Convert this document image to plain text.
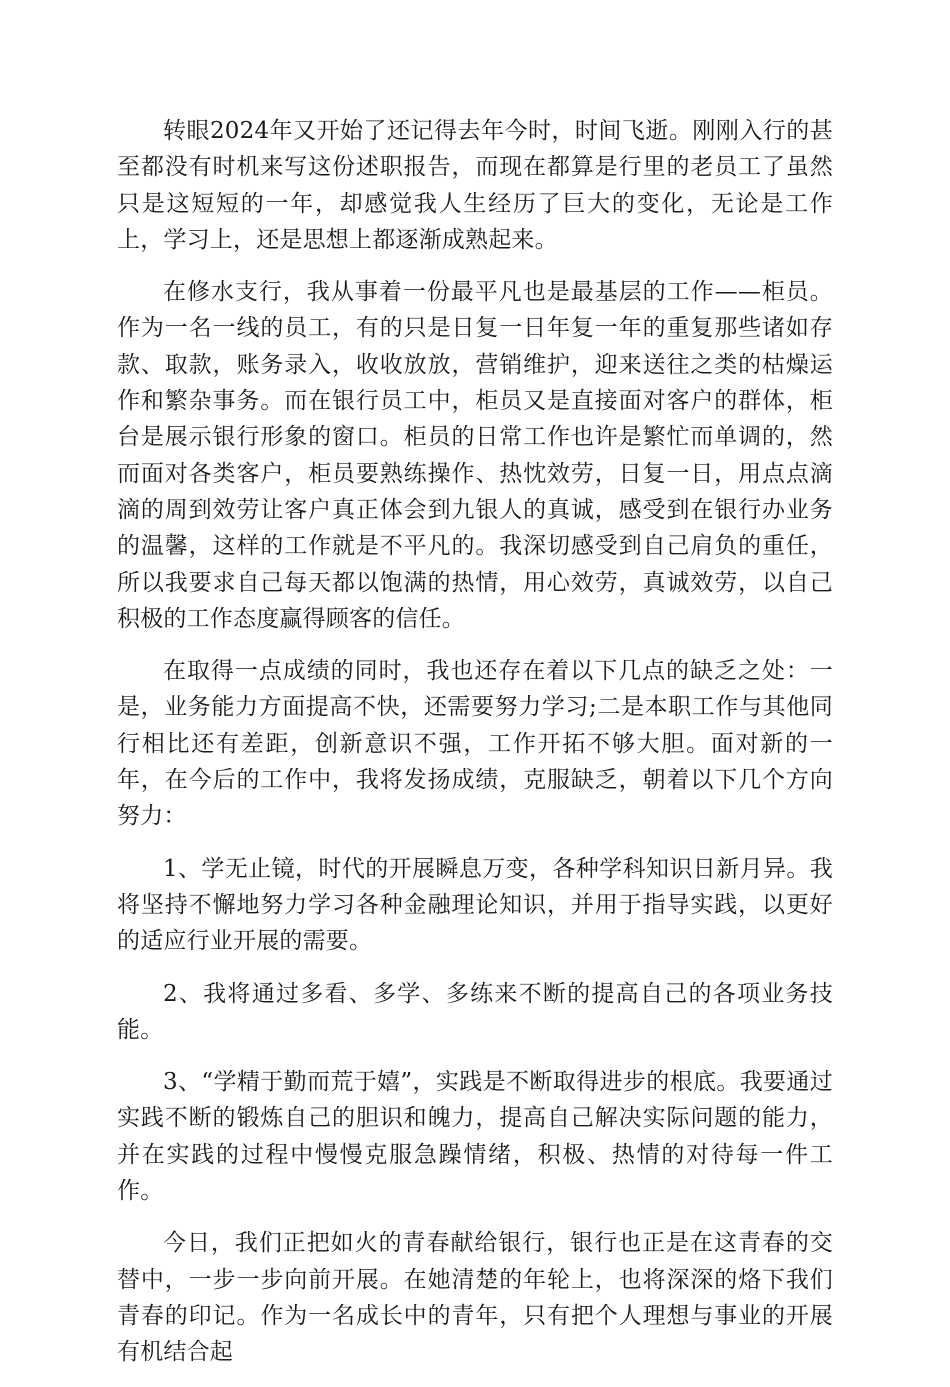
转眼2024年又开始了还记得去年今时，时间飞逝。刚刚入行的甚至都没有时机来写这份述职报告，而现在都算是行里的老员工了虽然只是这短短的一年，却感觉我人生经历了巨大的变化，无论是工作上，学习上，还是思想上都逐渐成熟起来。

在修水支行，我从事着一份最平凡也是最基层的工作——柜员。作为一名一线的员工，有的只是日复一日年复一年的重复那些诸如存款、取款，账务录入，收收放放，营销维护，迎来送往之类的枯燥运作和繁杂事务。而在银行员工中，柜员又是直接面对客户的群体，柜台是展示银行形象的窗口。柜员的日常工作也许是繁忙而单调的，然而面对各类客户，柜员要熟练操作、热忱效劳，日复一日，用点点滴滴的周到效劳让客户真正体会到九银人的真诚，感受到在银行办业务的温馨，这样的工作就是不平凡的。我深切感受到自己肩负的重任，所以我要求自己每天都以饱满的热情，用心效劳，真诚效劳，以自己积极的工作态度赢得顾客的信任。

在取得一点成绩的同时，我也还存在着以下几点的缺乏之处：一是，业务能力方面提高不快，还需要努力学习;二是本职工作与其他同行相比还有差距，创新意识不强，工作开拓不够大胆。面对新的一年，在今后的工作中，我将发扬成绩，克服缺乏，朝着以下几个方向努力：

1、学无止镜，时代的开展瞬息万变，各种学科知识日新月异。我将坚持不懈地努力学习各种金融理论知识，并用于指导实践，以更好的适应行业开展的需要。

2、我将通过多看、多学、多练来不断的提高自己的各项业务技能。

3、“学精于勤而荒于嬉”，实践是不断取得进步的根底。我要通过实践不断的锻炼自己的胆识和魄力，提高自己解决实际问题的能力，并在实践的过程中慢慢克服急躁情绪，积极、热情的对待每一件工作。

今日，我们正把如火的青春献给银行，银行也正是在这青春的交替中，一步一步向前开展。在她清楚的年轮上，也将深深的烙下我们青春的印记。作为一名成长中的青年，只有把个人理想与事业的开展有机结合起
